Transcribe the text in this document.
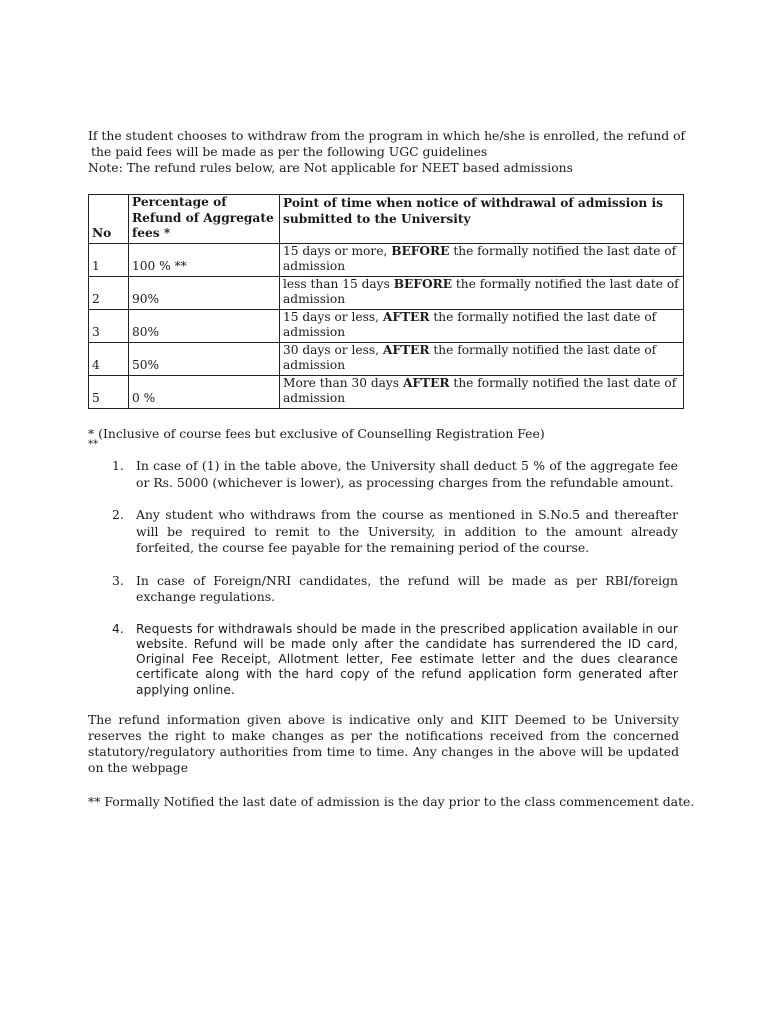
If the student chooses to withdraw from the program in which he/she is enrolled, the refund of

the paid fees will be made as per the following UGC guidelines

Note: The refund rules below, are Not applicable for NEET based admissions

No	Percentage of Refund of Aggregate fees *	Point of time when notice of withdrawal of admission is submitted to the University
1	100 % **	15 days or more, BEFORE the formally notified the last date of admission
2	90%	less than 15 days BEFORE the formally notified the last date of admission
3	80%	15 days or less, AFTER the formally notified the last date of admission
4	50%	30 days or less, AFTER the formally notified the last date of admission
5	0 %	More than 30 days AFTER the formally notified the last date of admission
* (Inclusive of course fees but exclusive of Counselling Registration Fee)
**
1. In case of (1) in the table above, the University shall deduct 5 % of the aggregate fee or Rs. 5000 (whichever is lower), as processing charges from the refundable amount.
2. Any student who withdraws from the course as mentioned in S.No.5 and thereafter will be required to remit to the University, in addition to the amount already forfeited, the course fee payable for the remaining period of the course.
3. In case of Foreign/NRI candidates, the refund will be made as per RBI/foreign exchange regulations.
4. Requests for withdrawals should be made in the prescribed application available in our website. Refund will be made only after the candidate has surrendered the ID card, Original Fee Receipt, Allotment letter, Fee estimate letter and the dues clearance certificate along with the hard copy of the refund application form generated after applying online.

The refund information given above is indicative only and KIIT Deemed to be University reserves the right to make changes as per the notifications received from the concerned statutory/regulatory authorities from time to time. Any changes in the above will be updated on the webpage

** Formally Notified the last date of admission is the day prior to the class commencement date.
